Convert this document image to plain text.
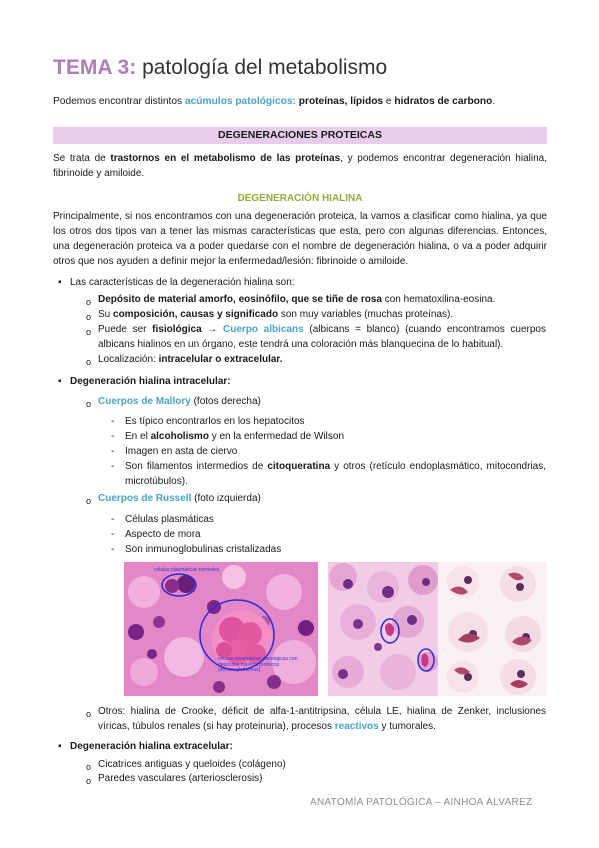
TEMA 3: patología del metabolismo
Podemos encontrar distintos acúmulos patológicos: proteínas, lípidos e hidratos de carbono.
DEGENERACIONES PROTEICAS
Se trata de trastornos en el metabolismo de las proteínas, y podemos encontrar degeneración hialina, fibrinoide y amiloide.
DEGENERACIÓN HIALINA
Principalmente, si nos encontramos con una degeneración proteica, la vamos a clasificar como hialina, ya que los otros dos tipos van a tener las mismas características que esta, pero con algunas diferencias. Entonces, una degeneración proteica va a poder quedarse con el nombre de degeneración hialina, o va a poder adquirir otros que nos ayuden a definir mejor la enfermedad/lesión: fibrinoide o amiloide.
▪ Las características de la degeneración hialina son:
o Depósito de material amorfo, eosinófilo, que se tiñe de rosa con hematoxilina-eosina.
o Su composición, causas y significado son muy variables (muchas proteínas).
o Puede ser fisiológica → Cuerpo albicans (albicans = blanco) (cuando encontramos cuerpos albicans hialinos en un órgano, este tendrá una coloración más blanquecina de lo habitual).
o Localización: intracelular o extracelular.
▪ Degeneración hialina intracelular:
o Cuerpos de Mallory (fotos derecha)
- Es típico encontrarlos en los hepatocitos
- En el alcoholismo y en la enfermedad de Wilson
- Imagen en asta de ciervo
- Son filamentos intermedios de citoqueratina y otros (retículo endoplasmático, mitocondrias, microtúbulos).
o Cuerpos de Russell (foto izquierda)
- Células plasmáticas
- Aspecto de mora
- Son inmunoglobulinas cristalizadas
células plasmáticas normales
células plasmáticas patológicas con depósitos hialinos proteicos (inmunoglobulinas)
o Otros: hialina de Crooke, déficit de alfa-1-antitripsina, célula LE, hialina de Zenker, inclusiones víricas, túbulos renales (si hay proteinuria), procesos reactivos y tumorales.
▪ Degeneración hialina extracelular:
o Cicatrices antiguas y queloides (colágeno)
o Paredes vasculares (arteriosclerosis)
ANATOMÍA PATOLÓGICA – AINHOA ÁLVAREZ
